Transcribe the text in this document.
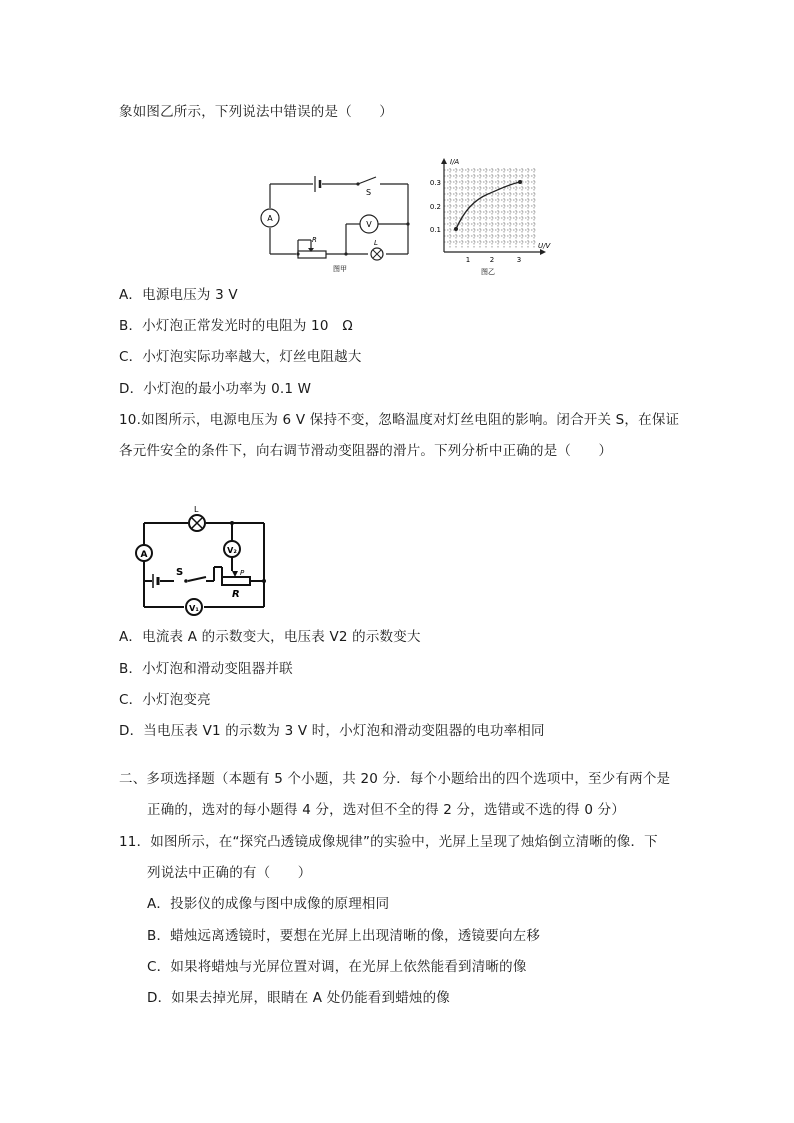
象如图乙所示，下列说法中错误的是（　　）
S
A
V
R	L
图甲
I/A
U/V
0.3
0.2
0.1
1	2	3
图乙
A．电源电压为 3 V
B．小灯泡正常发光时的电阻为 10　Ω
C．小灯泡实际功率越大，灯丝电阻越大
D．小灯泡的最小功率为 0.1 W
10.如图所示，电源电压为 6 V 保持不变，忽略温度对灯丝电阻的影响。闭合开关 S，在保证
各元件安全的条件下，向右调节滑动变阻器的滑片。下列分析中正确的是（　　）
L
A	V₂
S	P
R
V₁
A．电流表 A 的示数变大，电压表 V2 的示数变大
B．小灯泡和滑动变阻器并联
C．小灯泡变亮
D．当电压表 V1 的示数为 3 V 时，小灯泡和滑动变阻器的电功率相同
二、多项选择题（本题有 5 个小题，共 20 分．每个小题给出的四个选项中，至少有两个是
正确的，选对的每小题得 4 分，选对但不全的得 2 分，选错或不选的得 0 分）
11．如图所示，在“探究凸透镜成像规律”的实验中，光屏上呈现了烛焰倒立清晰的像．下
列说法中正确的有（　　）
A．投影仪的成像与图中成像的原理相同
B．蜡烛远离透镜时，要想在光屏上出现清晰的像，透镜要向左移
C．如果将蜡烛与光屏位置对调，在光屏上依然能看到清晰的像
D．如果去掉光屏，眼睛在 A 处仍能看到蜡烛的像
